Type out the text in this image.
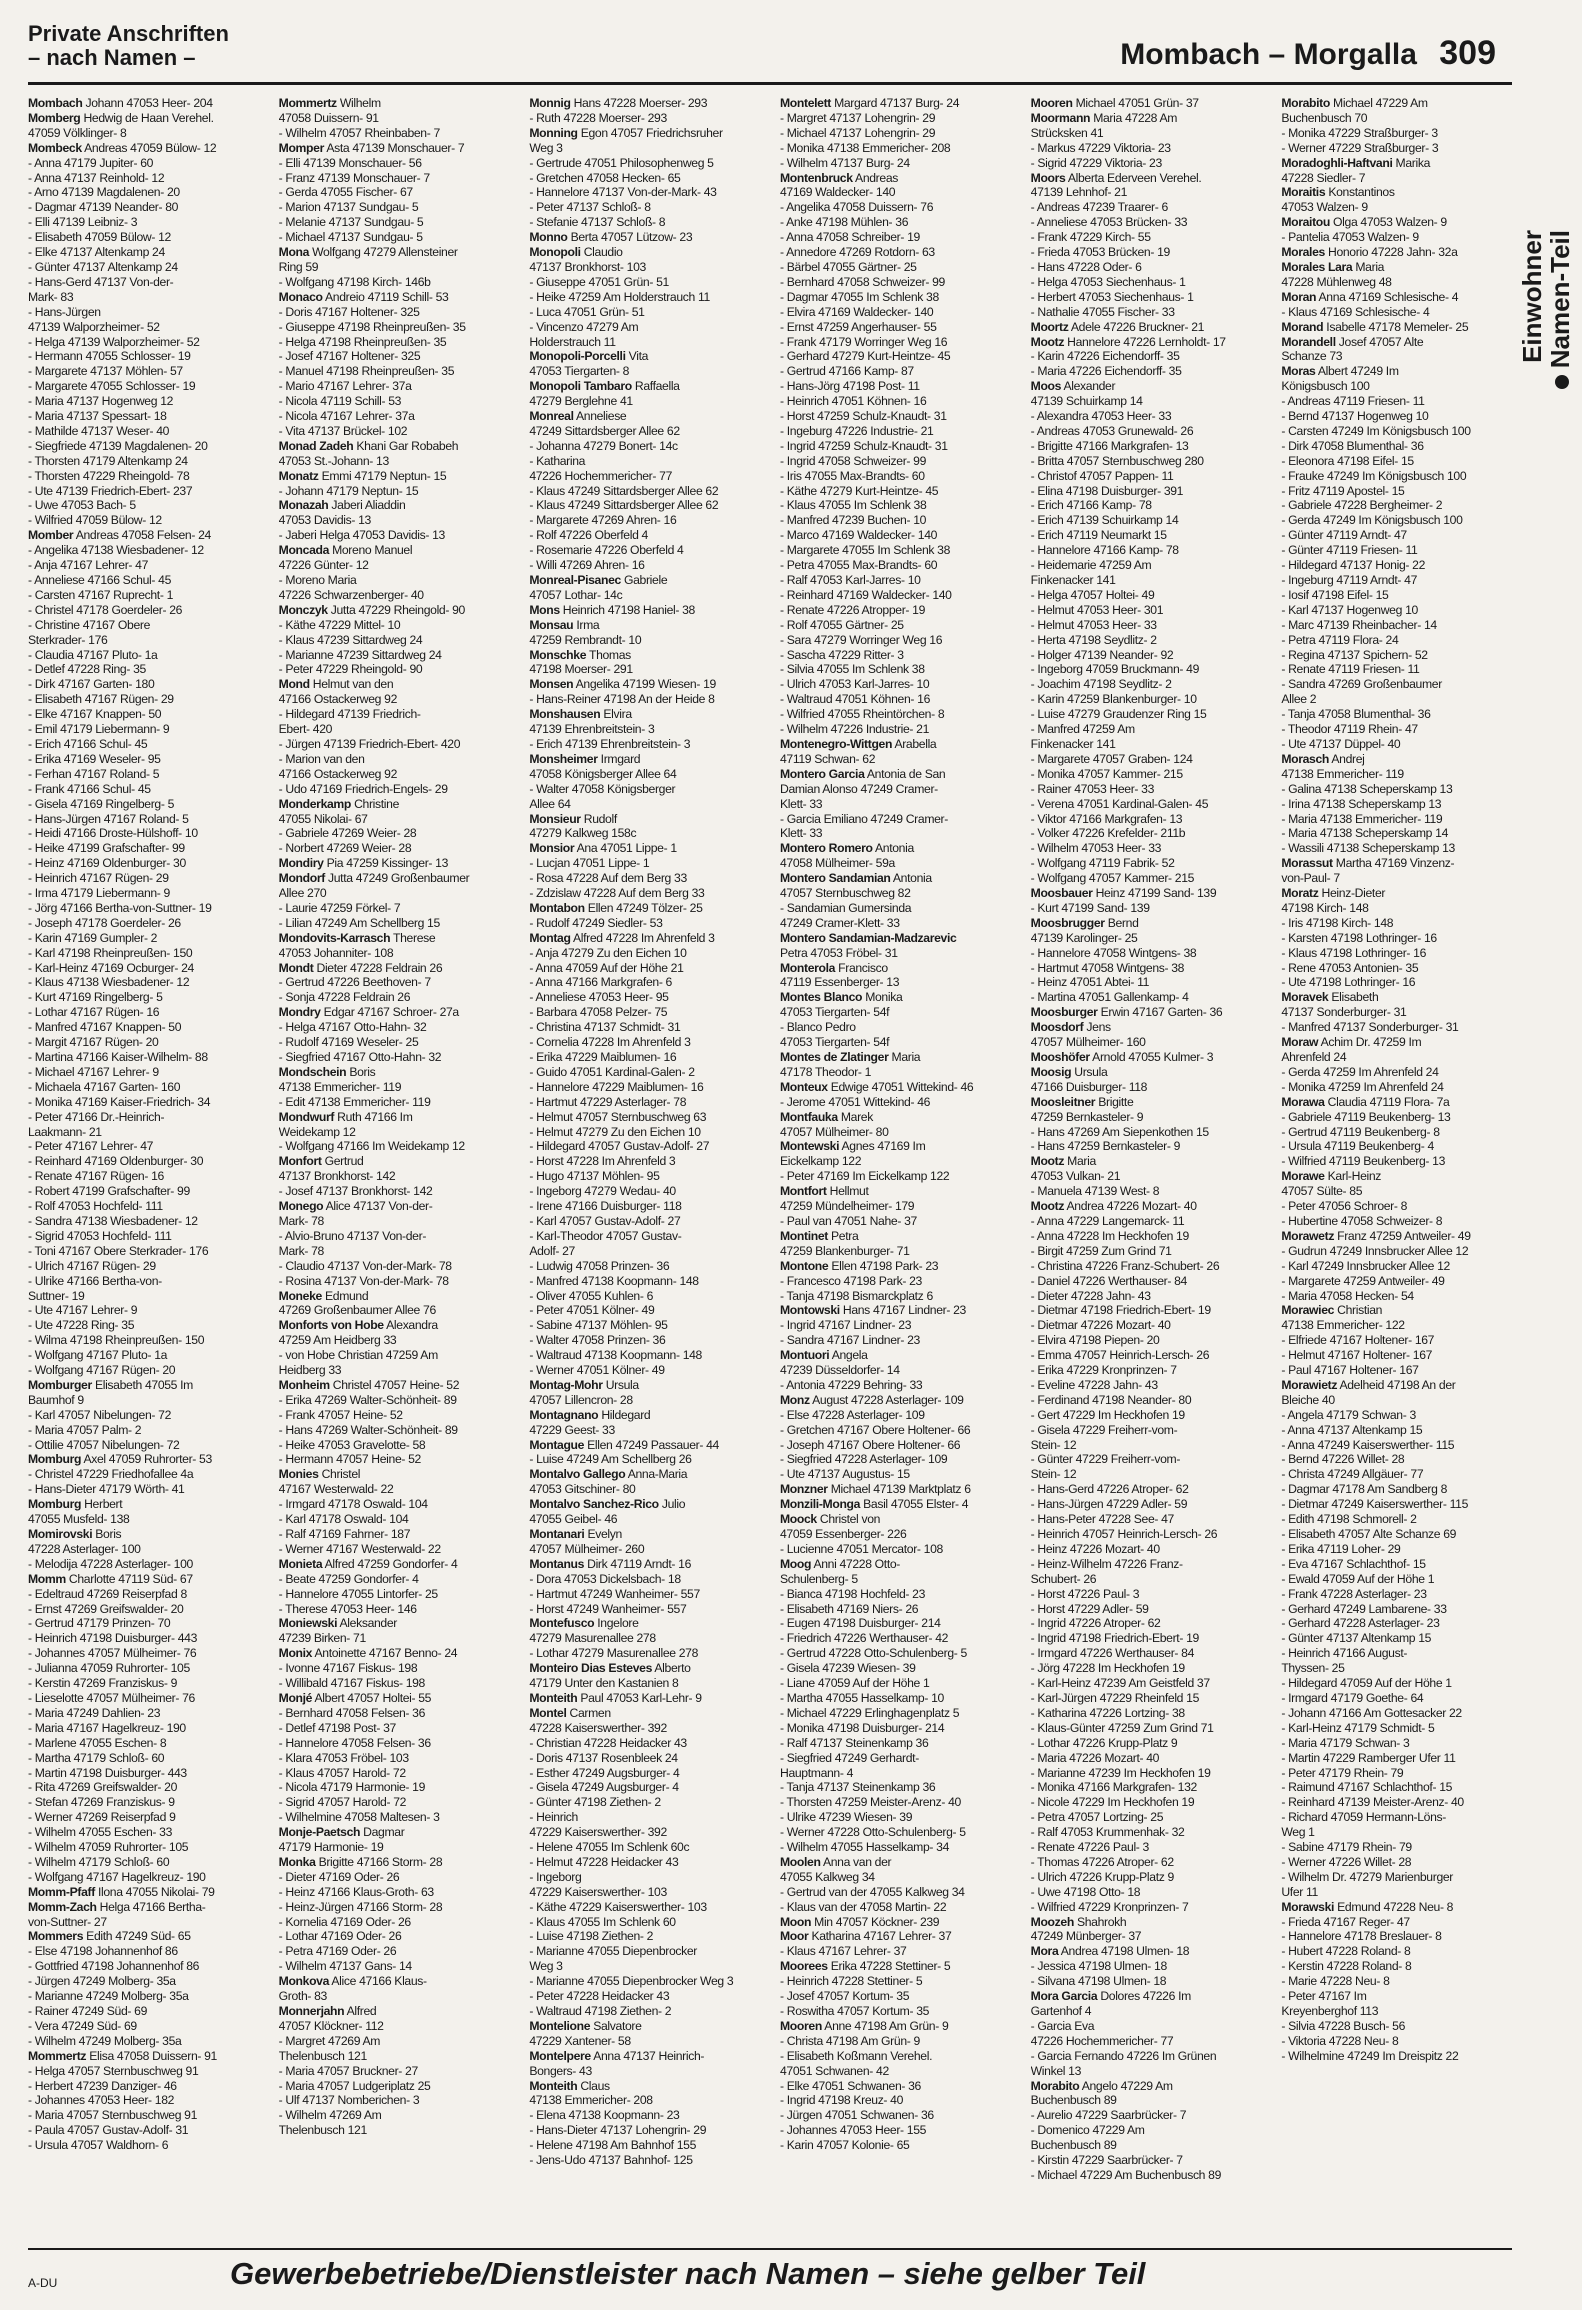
Private Anschriften
– nach Namen –	Mombach – Morgalla 309
Einwohner
Namen-Teil
Mombach Johann 47053 Heer- 204
Momberg Hedwig de Haan Verehel.
47059 Völklinger- 8
Mombeck Andreas 47059 Bülow- 12
- Anna 47179 Jupiter- 60
- Anna 47137 Reinhold- 12
- Arno 47139 Magdalenen- 20
- Dagmar 47139 Neander- 80
- Elli 47139 Leibniz- 3
- Elisabeth 47059 Bülow- 12
- Elke 47137 Altenkamp 24
- Günter 47137 Altenkamp 24
- Hans-Gerd 47137 Von-der-
Mark- 83
- Hans-Jürgen
47139 Walporzheimer- 52
- Helga 47139 Walporzheimer- 52
- Hermann 47055 Schlosser- 19
- Margarete 47137 Möhlen- 57
- Margarete 47055 Schlosser- 19
- Maria 47137 Hogenweg 12
- Maria 47137 Spessart- 18
- Mathilde 47137 Weser- 40
- Siegfriede 47139 Magdalenen- 20
- Thorsten 47179 Altenkamp 24
- Thorsten 47229 Rheingold- 78
- Ute 47139 Friedrich-Ebert- 237
- Uwe 47053 Bach- 5
- Wilfried 47059 Bülow- 12
Momber Andreas 47058 Felsen- 24
- Angelika 47138 Wiesbadener- 12
- Anja 47167 Lehrer- 47
- Anneliese 47166 Schul- 45
- Carsten 47167 Ruprecht- 1
- Christel 47178 Goerdeler- 26
- Christine 47167 Obere
Sterkrader- 176
- Claudia 47167 Pluto- 1a
- Detlef 47228 Ring- 35
- Dirk 47167 Garten- 180
- Elisabeth 47167 Rügen- 29
- Elke 47167 Knappen- 50
- Emil 47179 Liebermann- 9
- Erich 47166 Schul- 45
- Erika 47169 Weseler- 95
- Ferhan 47167 Roland- 5
- Frank 47166 Schul- 45
- Gisela 47169 Ringelberg- 5
- Hans-Jürgen 47167 Roland- 5
- Heidi 47166 Droste-Hülshoff- 10
- Heike 47199 Grafschafter- 99
- Heinz 47169 Oldenburger- 30
- Heinrich 47167 Rügen- 29
- Irma 47179 Liebermann- 9
- Jörg 47166 Bertha-von-Suttner- 19
- Joseph 47178 Goerdeler- 26
- Karin 47169 Gumpler- 2
- Karl 47198 Rheinpreußen- 150
- Karl-Heinz 47169 Ocburger- 24
- Klaus 47138 Wiesbadener- 12
- Kurt 47169 Ringelberg- 5
- Lothar 47167 Rügen- 16
- Manfred 47167 Knappen- 50
- Margit 47167 Rügen- 20
- Martina 47166 Kaiser-Wilhelm- 88
- Michael 47167 Lehrer- 9
- Michaela 47167 Garten- 160
- Monika 47169 Kaiser-Friedrich- 34
- Peter 47166 Dr.-Heinrich-
Laakmann- 21
- Peter 47167 Lehrer- 47
- Reinhard 47169 Oldenburger- 30
- Renate 47167 Rügen- 16
- Robert 47199 Grafschafter- 99
- Rolf 47053 Hochfeld- 111
- Sandra 47138 Wiesbadener- 12
- Sigrid 47053 Hochfeld- 111
- Toni 47167 Obere Sterkrader- 176
- Ulrich 47167 Rügen- 29
- Ulrike 47166 Bertha-von-
Suttner- 19
- Ute 47167 Lehrer- 9
- Ute 47228 Ring- 35
- Wilma 47198 Rheinpreußen- 150
- Wolfgang 47167 Pluto- 1a
- Wolfgang 47167 Rügen- 20
Momburger Elisabeth 47055 Im
Baumhof 9
- Karl 47057 Nibelungen- 72
- Maria 47057 Palm- 2
- Ottilie 47057 Nibelungen- 72
Momburg Axel 47059 Ruhrorter- 53
- Christel 47229 Friedhofallee 4a
- Hans-Dieter 47179 Wörth- 41
Momburg Herbert
47055 Musfeld- 138
Momirovski Boris
47228 Asterlager- 100
- Melodija 47228 Asterlager- 100
Momm Charlotte 47119 Süd- 67
- Edeltraud 47269 Reiserpfad 8
- Ernst 47269 Greifswalder- 20
- Gertrud 47179 Prinzen- 70
- Heinrich 47198 Duisburger- 443
- Johannes 47057 Mülheimer- 76
- Julianna 47059 Ruhrorter- 105
- Kerstin 47269 Franziskus- 9
- Lieselotte 47057 Mülheimer- 76
- Maria 47249 Dahlien- 23
- Maria 47167 Hagelkreuz- 190
- Marlene 47055 Eschen- 8
- Martha 47179 Schloß- 60
- Martin 47198 Duisburger- 443
- Rita 47269 Greifswalder- 20
- Stefan 47269 Franziskus- 9
- Werner 47269 Reiserpfad 9
- Wilhelm 47055 Eschen- 33
- Wilhelm 47059 Ruhrorter- 105
- Wilhelm 47179 Schloß- 60
- Wolfgang 47167 Hagelkreuz- 190
Momm-Pfaff Ilona 47055 Nikolai- 79
Momm-Zach Helga 47166 Bertha-
von-Suttner- 27
Mommers Edith 47249 Süd- 65
- Else 47198 Johannenhof 86
- Gottfried 47198 Johannenhof 86
- Jürgen 47249 Molberg- 35a
- Marianne 47249 Molberg- 35a
- Rainer 47249 Süd- 69
- Vera 47249 Süd- 69
- Wilhelm 47249 Molberg- 35a
Mommertz Elisa 47058 Duissern- 91
- Helga 47057 Sternbuschweg 91
- Herbert 47239 Danziger- 46
- Johannes 47053 Heer- 182
- Maria 47057 Sternbuschweg 91
- Paula 47057 Gustav-Adolf- 31
- Ursula 47057 Waldhorn- 6
Mommertz Wilhelm
47058 Duissern- 91
- Wilhelm 47057 Rheinbaben- 7
Momper Asta 47139 Monschauer- 7
- Elli 47139 Monschauer- 56
- Franz 47139 Monschauer- 7
- Gerda 47055 Fischer- 67
- Marion 47137 Sundgau- 5
- Melanie 47137 Sundgau- 5
- Michael 47137 Sundgau- 5
Mona Wolfgang 47279 Allensteiner
Ring 59
- Wolfgang 47198 Kirch- 146b
Monaco Andreio 47119 Schill- 53
- Doris 47167 Holtener- 325
- Giuseppe 47198 Rheinpreußen- 35
- Helga 47198 Rheinpreußen- 35
- Josef 47167 Holtener- 325
- Manuel 47198 Rheinpreußen- 35
- Mario 47167 Lehrer- 37a
- Nicola 47119 Schill- 53
- Nicola 47167 Lehrer- 37a
- Vita 47137 Brückel- 102
Monad Zadeh Khani Gar Robabeh
47053 St.-Johann- 13
Monatz Emmi 47179 Neptun- 15
- Johann 47179 Neptun- 15
Monazah Jaberi Aliaddin
47053 Davidis- 13
- Jaberi Helga 47053 Davidis- 13
Moncada Moreno Manuel
47226 Günter- 12
- Moreno Maria
47226 Schwarzenberger- 40
Monczyk Jutta 47229 Rheingold- 90
- Käthe 47229 Mittel- 10
- Klaus 47239 Sittardweg 24
- Marianne 47239 Sittardweg 24
- Peter 47229 Rheingold- 90
Mond Helmut van den
47166 Ostackerweg 92
- Hildegard 47139 Friedrich-
Ebert- 420
- Jürgen 47139 Friedrich-Ebert- 420
- Marion van den
47166 Ostackerweg 92
- Udo 47169 Friedrich-Engels- 29
Monderkamp Christine
47055 Nikolai- 67
- Gabriele 47269 Weier- 28
- Norbert 47269 Weier- 28
Mondiry Pia 47259 Kissinger- 13
Mondorf Jutta 47249 Großenbaumer
Allee 270
- Laurie 47259 Förkel- 7
- Lilian 47249 Am Schellberg 15
Mondovits-Karrasch Therese
47053 Johanniter- 108
Mondt Dieter 47228 Feldrain 26
- Gertrud 47226 Beethoven- 7
- Sonja 47228 Feldrain 26
Mondry Edgar 47167 Schroer- 27a
- Helga 47167 Otto-Hahn- 32
- Rudolf 47169 Weseler- 25
- Siegfried 47167 Otto-Hahn- 32
Mondschein Boris
47138 Emmericher- 119
- Edit 47138 Emmericher- 119
Mondwurf Ruth 47166 Im
Weidekamp 12
- Wolfgang 47166 Im Weidekamp 12
Monfort Gertrud
47137 Bronkhorst- 142
- Josef 47137 Bronkhorst- 142
Monego Alice 47137 Von-der-
Mark- 78
- Alvio-Bruno 47137 Von-der-
Mark- 78
- Claudio 47137 Von-der-Mark- 78
- Rosina 47137 Von-der-Mark- 78
Moneke Edmund
47269 Großenbaumer Allee 76
Monforts von Hobe Alexandra
47259 Am Heidberg 33
- von Hobe Christian 47259 Am
Heidberg 33
Monheim Christel 47057 Heine- 52
- Erika 47269 Walter-Schönheit- 89
- Frank 47057 Heine- 52
- Hans 47269 Walter-Schönheit- 89
- Heike 47053 Gravelotte- 58
- Hermann 47057 Heine- 52
Monies Christel
47167 Westerwald- 22
- Irmgard 47178 Oswald- 104
- Karl 47178 Oswald- 104
- Ralf 47169 Fahrner- 187
- Werner 47167 Westerwald- 22
Monieta Alfred 47259 Gondorfer- 4
- Beate 47259 Gondorfer- 4
- Hannelore 47055 Lintorfer- 25
- Therese 47053 Heer- 146
Moniewski Aleksander
47239 Birken- 71
Monix Antoinette 47167 Benno- 24
- Ivonne 47167 Fiskus- 198
- Willibald 47167 Fiskus- 198
Monjé Albert 47057 Holtei- 55
- Bernhard 47058 Felsen- 36
- Detlef 47198 Post- 37
- Hannelore 47058 Felsen- 36
- Klara 47053 Fröbel- 103
- Klaus 47057 Harold- 72
- Nicola 47179 Harmonie- 19
- Sigrid 47057 Harold- 72
- Wilhelmine 47058 Maltesen- 3
Monje-Paetsch Dagmar
47179 Harmonie- 19
Monka Brigitte 47166 Storm- 28
- Dieter 47169 Oder- 26
- Heinz 47166 Klaus-Groth- 63
- Heinz-Jürgen 47166 Storm- 28
- Kornelia 47169 Oder- 26
- Lothar 47169 Oder- 26
- Petra 47169 Oder- 26
- Wilhelm 47137 Gans- 14
Monkova Alice 47166 Klaus-
Groth- 83
Monnerjahn Alfred
47057 Klöckner- 112
- Margret 47269 Am
Thelenbusch 121
- Maria 47057 Bruckner- 27
- Maria 47057 Ludgeriplatz 25
- Ulf 47137 Nomberichen- 3
- Wilhelm 47269 Am
Thelenbusch 121
Monnig Hans 47228 Moerser- 293
- Ruth 47228 Moerser- 293
Monning Egon 47057 Friedrichsruher
Weg 3
- Gertrude 47051 Philosophenweg 5
- Gretchen 47058 Hecken- 65
- Hannelore 47137 Von-der-Mark- 43
- Peter 47137 Schloß- 8
- Stefanie 47137 Schloß- 8
Monno Berta 47057 Lützow- 23
Monopoli Claudio
47137 Bronkhorst- 103
- Giuseppe 47051 Grün- 51
- Heike 47259 Am Holderstrauch 11
- Luca 47051 Grün- 51
- Vincenzo 47279 Am
Holderstrauch 11
Monopoli-Porcelli Vita
47053 Tiergarten- 8
Monopoli Tambaro Raffaella
47279 Berglehne 41
Monreal Anneliese
47249 Sittardsberger Allee 62
- Johanna 47279 Bonert- 14c
- Katharina
47226 Hochemmericher- 77
- Klaus 47249 Sittardsberger Allee 62
- Klaus 47249 Sittardsberger Allee 62
- Margarete 47269 Ahren- 16
- Rolf 47226 Oberfeld 4
- Rosemarie 47226 Oberfeld 4
- Willi 47269 Ahren- 16
Monreal-Pisanec Gabriele
47057 Lothar- 14c
Mons Heinrich 47198 Haniel- 38
Monsau Irma
47259 Rembrandt- 10
Monschke Thomas
47198 Moerser- 291
Monsen Angelika 47199 Wiesen- 19
- Hans-Reiner 47198 An der Heide 8
Monshausen Elvira
47139 Ehrenbreitstein- 3
- Erich 47139 Ehrenbreitstein- 3
Monsheimer Irmgard
47058 Königsberger Allee 64
- Walter 47058 Königsberger
Allee 64
Monsieur Rudolf
47279 Kalkweg 158c
Monsior Ana 47051 Lippe- 1
- Lucjan 47051 Lippe- 1
- Rosa 47228 Auf dem Berg 33
- Zdzislaw 47228 Auf dem Berg 33
Montabon Ellen 47249 Tölzer- 25
- Rudolf 47249 Siedler- 53
Montag Alfred 47228 Im Ahrenfeld 3
- Anja 47279 Zu den Eichen 10
- Anna 47059 Auf der Höhe 21
- Anna 47166 Markgrafen- 6
- Anneliese 47053 Heer- 95
- Barbara 47058 Pelzer- 75
- Christina 47137 Schmidt- 31
- Cornelia 47228 Im Ahrenfeld 3
- Erika 47229 Maiblumen- 16
- Guido 47051 Kardinal-Galen- 2
- Hannelore 47229 Maiblumen- 16
- Hartmut 47229 Asterlager- 78
- Helmut 47057 Sternbuschweg 63
- Helmut 47279 Zu den Eichen 10
- Hildegard 47057 Gustav-Adolf- 27
- Horst 47228 Im Ahrenfeld 3
- Hugo 47137 Möhlen- 95
- Ingeborg 47279 Wedau- 40
- Irene 47166 Duisburger- 118
- Karl 47057 Gustav-Adolf- 27
- Karl-Theodor 47057 Gustav-
Adolf- 27
- Ludwig 47058 Prinzen- 36
- Manfred 47138 Koopmann- 148
- Oliver 47055 Kuhlen- 6
- Peter 47051 Kölner- 49
- Sabine 47137 Möhlen- 95
- Walter 47058 Prinzen- 36
- Waltraud 47138 Koopmann- 148
- Werner 47051 Kölner- 49
Montag-Mohr Ursula
47057 Lillencron- 28
Montagnano Hildegard
47229 Geest- 33
Montague Ellen 47249 Passauer- 44
- Luise 47249 Am Schellberg 26
Montalvo Gallego Anna-Maria
47053 Gitschiner- 80
Montalvo Sanchez-Rico Julio
47055 Geibel- 46
Montanari Evelyn
47057 Mülheimer- 260
Montanus Dirk 47119 Arndt- 16
- Dora 47053 Dickelsbach- 18
- Hartmut 47249 Wanheimer- 557
- Horst 47249 Wanheimer- 557
Montefusco Ingelore
47279 Masurenallee 278
- Lothar 47279 Masurenallee 278
Monteiro Dias Esteves Alberto
47179 Unter den Kastanien 8
Monteith Paul 47053 Karl-Lehr- 9
Montel Carmen
47228 Kaiserswerther- 392
- Christian 47228 Heidacker 43
- Doris 47137 Rosenbleek 24
- Esther 47249 Augsburger- 4
- Gisela 47249 Augsburger- 4
- Günter 47198 Ziethen- 2
- Heinrich
47229 Kaiserswerther- 392
- Helene 47055 Im Schlenk 60c
- Helmut 47228 Heidacker 43
- Ingeborg
47229 Kaiserswerther- 103
- Käthe 47229 Kaiserswerther- 103
- Klaus 47055 Im Schlenk 60
- Luise 47198 Ziethen- 2
- Marianne 47055 Diepenbrocker
Weg 3
- Marianne 47055 Diepenbrocker Weg 3
- Peter 47228 Heidacker 43
- Waltraud 47198 Ziethen- 2
Montelione Salvatore
47229 Xantener- 58
Montelpere Anna 47137 Heinrich-
Bongers- 43
Monteith Claus
47138 Emmericher- 208
- Elena 47138 Koopmann- 23
- Hans-Dieter 47137 Lohengrin- 29
- Helene 47198 Am Bahnhof 155
- Jens-Udo 47137 Bahnhof- 125
Montelett Margard 47137 Burg- 24
- Margret 47137 Lohengrin- 29
- Michael 47137 Lohengrin- 29
- Monika 47138 Emmericher- 208
- Wilhelm 47137 Burg- 24
Montenbruck Andreas
47169 Waldecker- 140
- Angelika 47058 Duissern- 76
- Anke 47198 Mühlen- 36
- Anna 47058 Schreiber- 19
- Annedore 47269 Rotdorn- 63
- Bärbel 47055 Gärtner- 25
- Bernhard 47058 Schweizer- 99
- Dagmar 47055 Im Schlenk 38
- Elvira 47169 Waldecker- 140
- Ernst 47259 Angerhauser- 55
- Frank 47179 Worringer Weg 16
- Gerhard 47279 Kurt-Heintze- 45
- Gertrud 47166 Kamp- 87
- Hans-Jörg 47198 Post- 11
- Heinrich 47051 Köhnen- 16
- Horst 47259 Schulz-Knaudt- 31
- Ingeburg 47226 Industrie- 21
- Ingrid 47259 Schulz-Knaudt- 31
- Ingrid 47058 Schweizer- 99
- Iris 47055 Max-Brandts- 60
- Käthe 47279 Kurt-Heintze- 45
- Klaus 47055 Im Schlenk 38
- Manfred 47239 Buchen- 10
- Marco 47169 Waldecker- 140
- Margarete 47055 Im Schlenk 38
- Petra 47055 Max-Brandts- 60
- Ralf 47053 Karl-Jarres- 10
- Reinhard 47169 Waldecker- 140
- Renate 47226 Atropper- 19
- Rolf 47055 Gärtner- 25
- Sara 47279 Worringer Weg 16
- Sascha 47229 Ritter- 3
- Silvia 47055 Im Schlenk 38
- Ulrich 47053 Karl-Jarres- 10
- Waltraud 47051 Köhnen- 16
- Wilfried 47055 Rheintörchen- 8
- Wilhelm 47226 Industrie- 21
Montenegro-Wittgen Arabella
47119 Schwan- 62
Montero Garcia Antonia de San
Damian Alonso 47249 Cramer-
Klett- 33
- Garcia Emiliano 47249 Cramer-
Klett- 33
Montero Romero Antonia
47058 Mülheimer- 59a
Montero Sandamian Antonia
47057 Sternbuschweg 82
- Sandamian Gumersinda
47249 Cramer-Klett- 33
Montero Sandamian-Madzarevic
Petra 47053 Fröbel- 31
Monterola Francisco
47119 Essenberger- 13
Montes Blanco Monika
47053 Tiergarten- 54f
- Blanco Pedro
47053 Tiergarten- 54f
Montes de Zlatinger Maria
47178 Theodor- 1
Monteux Edwige 47051 Wittekind- 46
- Jerome 47051 Wittekind- 46
Montfauka Marek
47057 Mülheimer- 80
Montewski Agnes 47169 Im
Eickelkamp 122
- Peter 47169 Im Eickelkamp 122
Montfort Hellmut
47259 Mündelheimer- 179
- Paul van 47051 Nahe- 37
Montinet Petra
47259 Blankenburger- 71
Montone Ellen 47198 Park- 23
- Francesco 47198 Park- 23
- Tanja 47198 Bismarckplatz 6
Montowski Hans 47167 Lindner- 23
- Ingrid 47167 Lindner- 23
- Sandra 47167 Lindner- 23
Montuori Angela
47239 Düsseldorfer- 14
- Antonia 47229 Behring- 33
Monz August 47228 Asterlager- 109
- Else 47228 Asterlager- 109
- Gretchen 47167 Obere Holtener- 66
- Joseph 47167 Obere Holtener- 66
- Siegfried 47228 Asterlager- 109
- Ute 47137 Augustus- 15
Monzner Michael 47139 Marktplatz 6
Monzili-Monga Basil 47055 Elster- 4
Moock Christel von
47059 Essenberger- 226
- Lucienne 47051 Mercator- 108
Moog Anni 47228 Otto-
Schulenberg- 5
- Bianca 47198 Hochfeld- 23
- Elisabeth 47169 Niers- 26
- Eugen 47198 Duisburger- 214
- Friedrich 47226 Werthauser- 42
- Gertrud 47228 Otto-Schulenberg- 5
- Gisela 47239 Wiesen- 39
- Liane 47059 Auf der Höhe 1
- Martha 47055 Hasselkamp- 10
- Michael 47229 Erlinghagenplatz 5
- Monika 47198 Duisburger- 214
- Ralf 47137 Steinenkamp 36
- Siegfried 47249 Gerhardt-
Hauptmann- 4
- Tanja 47137 Steinenkamp 36
- Thorsten 47259 Meister-Arenz- 40
- Ulrike 47239 Wiesen- 39
- Werner 47228 Otto-Schulenberg- 5
- Wilhelm 47055 Hasselkamp- 34
Moolen Anna van der
47055 Kalkweg 34
- Gertrud van der 47055 Kalkweg 34
- Klaus van der 47058 Martin- 22
Moon Min 47057 Köckner- 239
Moor Katharina 47167 Lehrer- 37
- Klaus 47167 Lehrer- 37
Moorees Erika 47228 Stettiner- 5
- Heinrich 47228 Stettiner- 5
- Josef 47057 Kortum- 35
- Roswitha 47057 Kortum- 35
Mooren Anne 47198 Am Grün- 9
- Christa 47198 Am Grün- 9
- Elisabeth Koßmann Verehel.
47051 Schwanen- 42
- Elke 47051 Schwanen- 36
- Ingrid 47198 Kreuz- 40
- Jürgen 47051 Schwanen- 36
- Johannes 47053 Heer- 155
- Karin 47057 Kolonie- 65
Mooren Michael 47051 Grün- 37
Moormann Maria 47228 Am
Strücksken 41
- Markus 47229 Viktoria- 23
- Sigrid 47229 Viktoria- 23
Moors Alberta Ederveen Verehel.
47139 Lehnhof- 21
- Andreas 47239 Traarer- 6
- Anneliese 47053 Brücken- 33
- Frank 47229 Kirch- 55
- Frieda 47053 Brücken- 19
- Hans 47228 Oder- 6
- Helga 47053 Siechenhaus- 1
- Herbert 47053 Siechenhaus- 1
- Nathalie 47055 Fischer- 33
Moortz Adele 47226 Bruckner- 21
Mootz Hannelore 47226 Lernholdt- 17
- Karin 47226 Eichendorff- 35
- Maria 47226 Eichendorff- 35
Moos Alexander
47139 Schuirkamp 14
- Alexandra 47053 Heer- 33
- Andreas 47053 Grunewald- 26
- Brigitte 47166 Markgrafen- 13
- Britta 47057 Sternbuschweg 280
- Christof 47057 Pappen- 11
- Elina 47198 Duisburger- 391
- Erich 47166 Kamp- 78
- Erich 47139 Schuirkamp 14
- Erich 47119 Neumarkt 15
- Hannelore 47166 Kamp- 78
- Heidemarie 47259 Am
Finkenacker 141
- Helga 47057 Holtei- 49
- Helmut 47053 Heer- 301
- Helmut 47053 Heer- 33
- Herta 47198 Seydlitz- 2
- Holger 47139 Neander- 92
- Ingeborg 47059 Bruckmann- 49
- Joachim 47198 Seydlitz- 2
- Karin 47259 Blankenburger- 10
- Luise 47279 Graudenzer Ring 15
- Manfred 47259 Am
Finkenacker 141
- Margarete 47057 Graben- 124
- Monika 47057 Kammer- 215
- Rainer 47053 Heer- 33
- Verena 47051 Kardinal-Galen- 45
- Viktor 47166 Markgrafen- 13
- Volker 47226 Krefelder- 211b
- Wilhelm 47053 Heer- 33
- Wolfgang 47119 Fabrik- 52
- Wolfgang 47057 Kammer- 215
Moosbauer Heinz 47199 Sand- 139
- Kurt 47199 Sand- 139
Moosbrugger Bernd
47139 Karolinger- 25
- Hannelore 47058 Wintgens- 38
- Hartmut 47058 Wintgens- 38
- Heinz 47051 Abtei- 11
- Martina 47051 Gallenkamp- 4
Moosburger Erwin 47167 Garten- 36
Moosdorf Jens
47057 Mülheimer- 160
Mooshöfer Arnold 47055 Kulmer- 3
Moosig Ursula
47166 Duisburger- 118
Moosleitner Brigitte
47259 Bernkasteler- 9
- Hans 47269 Am Siepenkothen 15
- Hans 47259 Bernkasteler- 9
Mootz Maria
47053 Vulkan- 21
- Manuela 47139 West- 8
Mootz Andrea 47226 Mozart- 40
- Anna 47229 Langemarck- 11
- Anna 47228 Im Heckhofen 19
- Birgit 47259 Zum Grind 71
- Christina 47226 Franz-Schubert- 26
- Daniel 47226 Werthauser- 84
- Dieter 47228 Jahn- 43
- Dietmar 47198 Friedrich-Ebert- 19
- Dietmar 47226 Mozart- 40
- Elvira 47198 Piepen- 20
- Emma 47057 Heinrich-Lersch- 26
- Erika 47229 Kronprinzen- 7
- Eveline 47228 Jahn- 43
- Ferdinand 47198 Neander- 80
- Gert 47229 Im Heckhofen 19
- Gisela 47229 Freiherr-vom-
Stein- 12
- Günter 47229 Freiherr-vom-
Stein- 12
- Hans-Gerd 47226 Atroper- 62
- Hans-Jürgen 47229 Adler- 59
- Hans-Peter 47228 See- 47
- Heinrich 47057 Heinrich-Lersch- 26
- Heinz 47226 Mozart- 40
- Heinz-Wilhelm 47226 Franz-
Schubert- 26
- Horst 47226 Paul- 3
- Horst 47229 Adler- 59
- Ingrid 47226 Atroper- 62
- Ingrid 47198 Friedrich-Ebert- 19
- Irmgard 47226 Werthauser- 84
- Jörg 47228 Im Heckhofen 19
- Karl-Heinz 47239 Am Geistfeld 37
- Karl-Jürgen 47229 Rheinfeld 15
- Katharina 47226 Lortzing- 38
- Klaus-Günter 47259 Zum Grind 71
- Lothar 47226 Krupp-Platz 9
- Maria 47226 Mozart- 40
- Marianne 47239 Im Heckhofen 19
- Monika 47166 Markgrafen- 132
- Nicole 47229 Im Heckhofen 19
- Petra 47057 Lortzing- 25
- Ralf 47053 Krummenhak- 32
- Renate 47226 Paul- 3
- Thomas 47226 Atroper- 62
- Ulrich 47226 Krupp-Platz 9
- Uwe 47198 Otto- 18
- Wilfried 47229 Kronprinzen- 7
Moozeh Shahrokh
47249 Münberger- 37
Mora Andrea 47198 Ulmen- 18
- Jessica 47198 Ulmen- 18
- Silvana 47198 Ulmen- 18
Mora Garcia Dolores 47226 Im
Gartenhof 4
- Garcia Eva
47226 Hochemmericher- 77
- Garcia Fernando 47226 Im Grünen
Winkel 13
Morabito Angelo 47229 Am
Buchenbusch 89
- Aurelio 47229 Saarbrücker- 7
- Domenico 47229 Am
Buchenbusch 89
- Kirstin 47229 Saarbrücker- 7
- Michael 47229 Am Buchenbusch 89
Morabito Michael 47229 Am
Buchenbusch 70
- Monika 47229 Straßburger- 3
- Werner 47229 Straßburger- 3
Moradoghli-Haftvani Marika
47228 Siedler- 7
Moraitis Konstantinos
47053 Walzen- 9
Moraitou Olga 47053 Walzen- 9
- Pantelia 47053 Walzen- 9
Morales Honorio 47228 Jahn- 32a
Morales Lara Maria
47228 Mühlenweg 48
Moran Anna 47169 Schlesische- 4
- Klaus 47169 Schlesische- 4
Morand Isabelle 47178 Memeler- 25
Morandell Josef 47057 Alte
Schanze 73
Moras Albert 47249 Im
Königsbusch 100
- Andreas 47119 Friesen- 11
- Bernd 47137 Hogenweg 10
- Carsten 47249 Im Königsbusch 100
- Dirk 47058 Blumenthal- 36
- Eleonora 47198 Eifel- 15
- Frauke 47249 Im Königsbusch 100
- Fritz 47119 Apostel- 15
- Gabriele 47228 Bergheimer- 2
- Gerda 47249 Im Königsbusch 100
- Günter 47119 Arndt- 47
- Günter 47119 Friesen- 11
- Hildegard 47137 Honig- 22
- Ingeburg 47119 Arndt- 47
- Iosif 47198 Eifel- 15
- Karl 47137 Hogenweg 10
- Marc 47139 Rheinbacher- 14
- Petra 47119 Flora- 24
- Regina 47137 Spichern- 52
- Renate 47119 Friesen- 11
- Sandra 47269 Großenbaumer
Allee 2
- Tanja 47058 Blumenthal- 36
- Theodor 47119 Rhein- 47
- Ute 47137 Düppel- 40
Morasch Andrej
47138 Emmericher- 119
- Galina 47138 Scheperskamp 13
- Irina 47138 Scheperskamp 13
- Maria 47138 Emmericher- 119
- Maria 47138 Scheperskamp 14
- Wassili 47138 Scheperskamp 13
Morassut Martha 47169 Vinzenz-
von-Paul- 7
Moratz Heinz-Dieter
47198 Kirch- 148
- Iris 47198 Kirch- 148
- Karsten 47198 Lothringer- 16
- Klaus 47198 Lothringer- 16
- Rene 47053 Antonien- 35
- Ute 47198 Lothringer- 16
Moravek Elisabeth
47137 Sonderburger- 31
- Manfred 47137 Sonderburger- 31
Moraw Achim Dr. 47259 Im
Ahrenfeld 24
- Gerda 47259 Im Ahrenfeld 24
- Monika 47259 Im Ahrenfeld 24
Morawa Claudia 47119 Flora- 7a
- Gabriele 47119 Beukenberg- 13
- Gertrud 47119 Beukenberg- 8
- Ursula 47119 Beukenberg- 4
- Wilfried 47119 Beukenberg- 13
Morawe Karl-Heinz
47057 Sülte- 85
- Peter 47056 Schroer- 8
- Hubertine 47058 Schweizer- 8
Morawetz Franz 47259 Antweiler- 49
- Gudrun 47249 Innsbrucker Allee 12
- Karl 47249 Innsbrucker Allee 12
- Margarete 47259 Antweiler- 49
- Maria 47058 Hecken- 54
Morawiec Christian
47138 Emmericher- 122
- Elfriede 47167 Holtener- 167
- Helmut 47167 Holtener- 167
- Paul 47167 Holtener- 167
Morawietz Adelheid 47198 An der
Bleiche 40
- Angela 47179 Schwan- 3
- Anna 47137 Altenkamp 15
- Anna 47249 Kaiserswerther- 115
- Bernd 47226 Willet- 28
- Christa 47249 Allgäuer- 77
- Dagmar 47178 Am Sandberg 8
- Dietmar 47249 Kaiserswerther- 115
- Edith 47198 Schmorell- 2
- Elisabeth 47057 Alte Schanze 69
- Erika 47119 Loher- 29
- Eva 47167 Schlachthof- 15
- Ewald 47059 Auf der Höhe 1
- Frank 47228 Asterlager- 23
- Gerhard 47249 Lambarene- 33
- Gerhard 47228 Asterlager- 23
- Günter 47137 Altenkamp 15
- Heinrich 47166 August-
Thyssen- 25
- Hildegard 47059 Auf der Höhe 1
- Irmgard 47179 Goethe- 64
- Johann 47166 Am Gottesacker 22
- Karl-Heinz 47179 Schmidt- 5
- Maria 47179 Schwan- 3
- Martin 47229 Ramberger Ufer 11
- Peter 47179 Rhein- 79
- Raimund 47167 Schlachthof- 15
- Reinhard 47139 Meister-Arenz- 40
- Richard 47059 Hermann-Löns-
Weg 1
- Sabine 47179 Rhein- 79
- Werner 47226 Willet- 28
- Wilhelm Dr. 47279 Marienburger
Ufer 11
Morawski Edmund 47228 Neu- 8
- Frieda 47167 Reger- 47
- Hannelore 47178 Breslauer- 8
- Hubert 47228 Roland- 8
- Kerstin 47228 Roland- 8
- Marie 47228 Neu- 8
- Peter 47167 Im
Kreyenberghof 113
- Silvia 47228 Busch- 56
- Viktoria 47228 Neu- 8
- Wilhelmine 47249 Im Dreispitz 22
A-DU	Gewerbebetriebe/Dienstleister nach Namen – siehe gelber Teil
